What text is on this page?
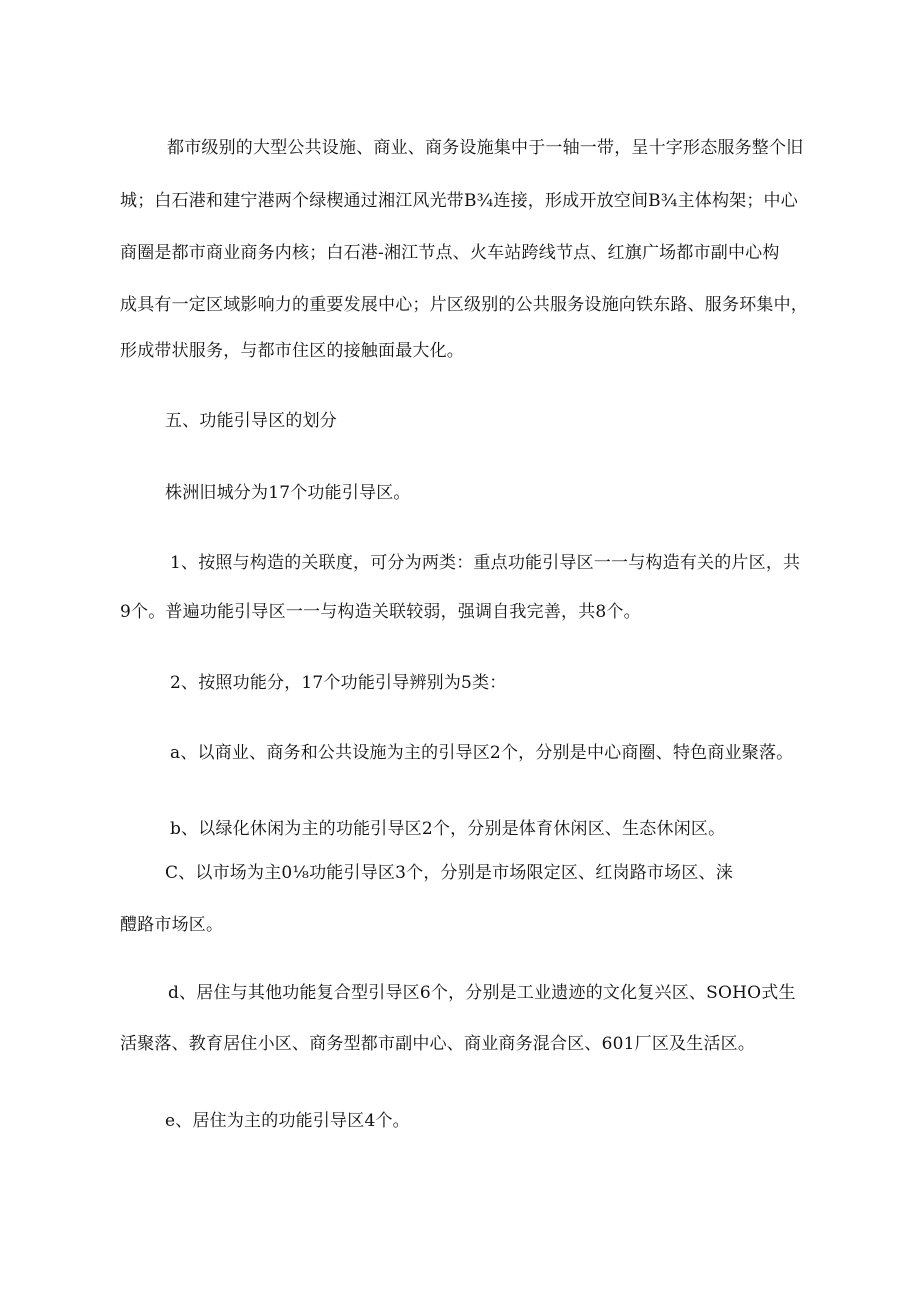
都市级别的大型公共设施、商业、商务设施集中于一轴一带，呈十字形态服务整个旧
城；白石港和建宁港两个绿楔通过湘江风光带B¾连接，形成开放空间B¾主体构架；中心
商圈是都市商业商务内核；白石港-湘江节点、火车站跨线节点、红旗广场都市副中心构
成具有一定区域影响力的重要发展中心；片区级别的公共服务设施向铁东路、服务环集中，
形成带状服务，与都市住区的接触面最大化。
五、功能引导区的划分
株洲旧城分为17个功能引导区。
1、按照与构造的关联度，可分为两类：重点功能引导区一一与构造有关的片区，共
9个。普遍功能引导区一一与构造关联较弱，强调自我完善，共8个。
2、按照功能分，17个功能引导辨别为5类：
a、以商业、商务和公共设施为主的引导区2个，分别是中心商圈、特色商业聚落。
b、以绿化休闲为主的功能引导区2个，分别是体育休闲区、生态休闲区。
C、以市场为主0⅛功能引导区3个，分别是市场限定区、红岗路市场区、涞
醴路市场区。
d、居住与其他功能复合型引导区6个，分别是工业遗迹的文化复兴区、SOHO式生
活聚落、教育居住小区、商务型都市副中心、商业商务混合区、601厂区及生活区。
e、居住为主的功能引导区4个。
